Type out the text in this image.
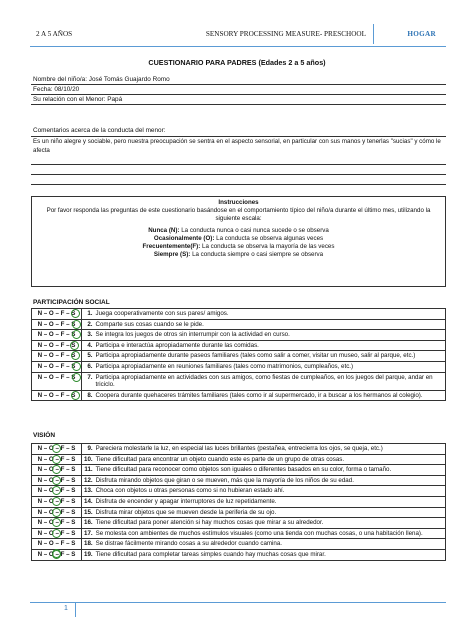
2 A 5 AÑOS	SENSORY PROCESSING MEASURE- PRESCHOOL	HOGAR
CUESTIONARIO PARA PADRES (Edades 2 a 5 años)
Nombre del niño/a: José Tomás Guajardo Romo
Fecha: 08/10/20
Su relación con el Menor: Papá
Comentarios acerca de la conducta del menor:
Es un niño alegre y sociable, pero nuestra preocupación se sentra en el aspecto sensorial, en particular con sus manos y tenerlas "sucias" y cómo le afecta
Instrucciones
Por favor responda las preguntas de este cuestionario basándose en el comportamiento típico del niño/a durante el último mes, utilizando la siguiente escala:
Nunca (N): La conducta nunca o casi nunca sucede o se observa
Ocasionalmente (O): La conducta se observa algunas veces
Frecuentemente(F): La conducta se observa la mayoría de las veces
Siempre (S): La conducta siempre o casi siempre se observa
PARTICIPACIÓN SOCIAL
N – O – F – S	1.	Juega cooperativamente con sus pares/ amigos.
N – O – F – S	2.	Comparte sus cosas cuando se le pide.
N – O – F – S	3.	Se integra los juegos de otros sin interrumpir con la actividad en curso.
N – O – F – S	4.	Participa e interactúa apropiadamente durante las comidas.
N – O – F – S	5.	Participa apropiadamente durante paseos familiares (tales como salir a comer, visitar un museo, salir al parque, etc.)
N – O – F – S	6.	Participa apropiadamente en reuniones familiares (tales como matrimonios, cumpleaños, etc.)
N – O – F – S	7.	Participa apropiadamente en actividades con sus amigos, como fiestas de cumpleaños, en los juegos del parque, andar en triciclo.
N – O – F – S	8.	Coopera durante quehaceres trámites familiares (tales como ir al supermercado, ir a buscar a los hermanos al colegio).
VISIÓN
N – O – F – S	9.	Pareciera molestarle la luz, en especial las luces brillantes (pestañea, entrecierra los ojos, se queja, etc.)
N – O – F – S	10.	Tiene dificultad para encontrar un objeto cuando este es parte de un grupo de otras cosas.
N – O – F – S	11.	Tiene dificultad para reconocer como objetos son iguales o diferentes basados en su color, forma o tamaño.
N – O – F – S	12.	Disfruta mirando objetos que giran o se mueven, más que la mayoría de los niños de su edad.
N – O – F – S	13.	Choca con objetos u otras personas como si no hubieran estado ahí.
N – O – F – S	14.	Disfruta de encender y apagar interruptores de luz repetidamente.
N – O – F – S	15.	Disfruta mirar objetos que se mueven desde la periferia de su ojo.
N – O – F – S	16.	Tiene dificultad para poner atención si hay muchos cosas que mirar a su alrededor.
N – O – F – S	17.	Se molesta con ambientes de muchos estímulos visuales (como una tienda con muchas cosas, o una habitación llena).
N – O – F – S	18.	Se distrae fácilmente mirando cosas a su alrededor cuando camina.
N – O – F – S	19.	Tiene dificultad para completar tareas simples cuando hay muchas cosas que mirar.
1
